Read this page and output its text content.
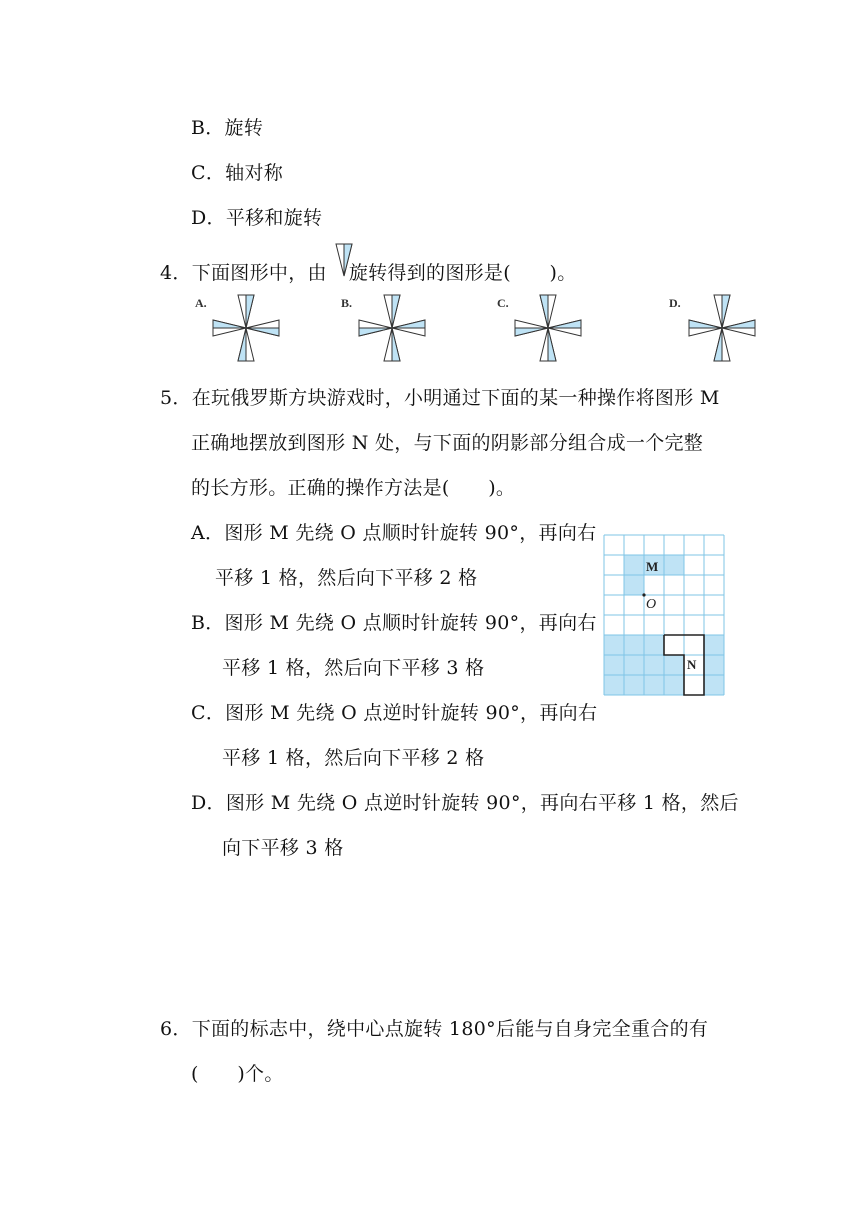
B．旋转
C．轴对称
D．平移和旋转
4．下面图形中，由 旋转得到的图形是(　　)。
A.	B.	C.	D.
5．在玩俄罗斯方块游戏时，小明通过下面的某一种操作将图形 M
正确地摆放到图形 N 处，与下面的阴影部分组合成一个完整
的长方形。正确的操作方法是(　　)。
A．图形 M 先绕 O 点顺时针旋转 90°，再向右
平移 1 格，然后向下平移 2 格
B．图形 M 先绕 O 点顺时针旋转 90°，再向右
平移 1 格，然后向下平移 3 格
C．图形 M 先绕 O 点逆时针旋转 90°，再向右
平移 1 格，然后向下平移 2 格
D．图形 M 先绕 O 点逆时针旋转 90°，再向右平移 1 格，然后
向下平移 3 格
M
O
N
6．下面的标志中，绕中心点旋转 180°后能与自身完全重合的有
(　　)个。
